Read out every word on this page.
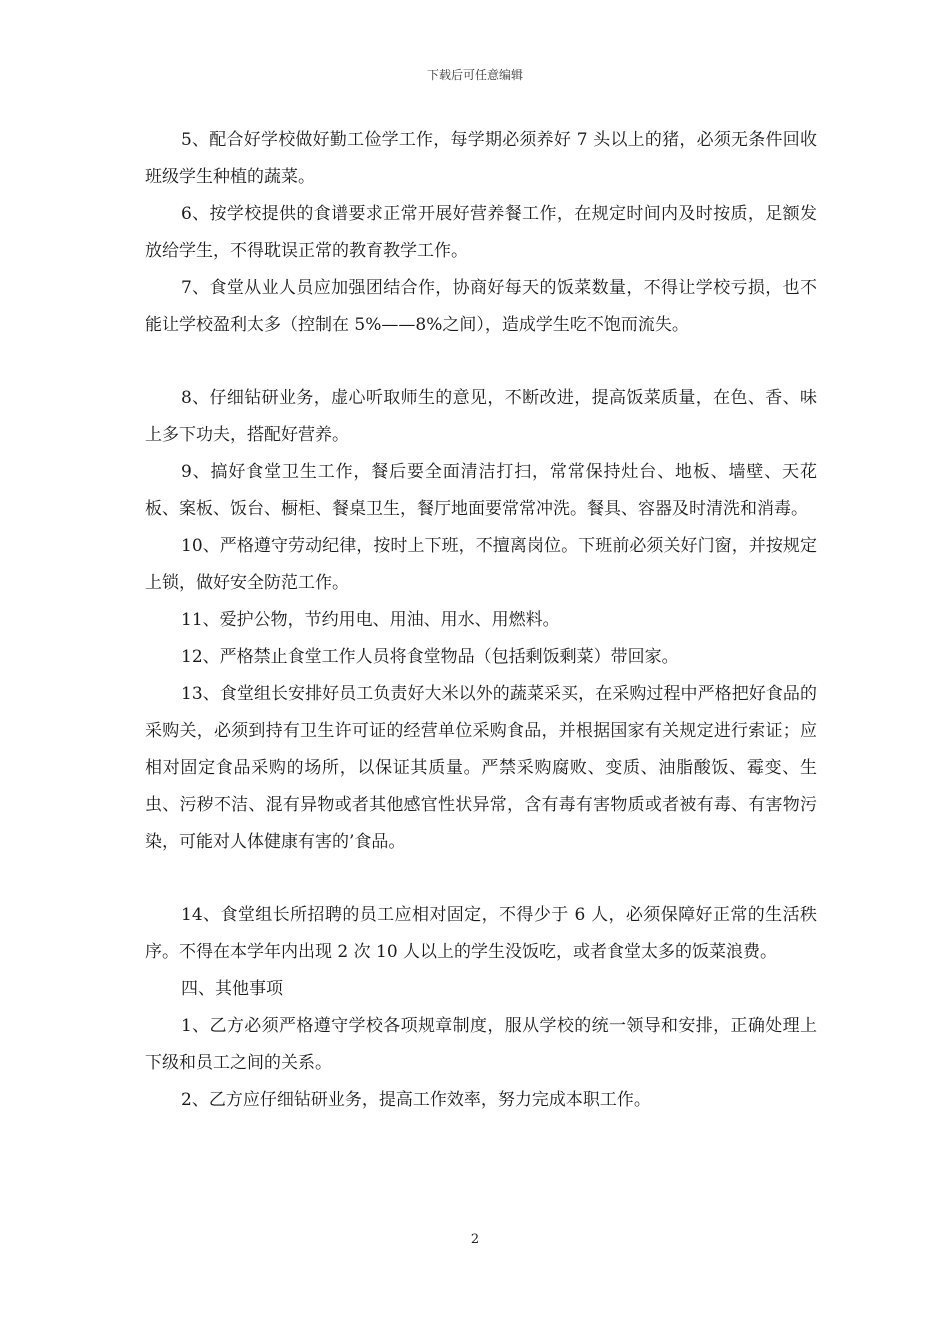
下载后可任意编辑

5、配合好学校做好勤工俭学工作，每学期必须养好 7 头以上的猪，必须无条件回收班级学生种植的蔬菜。

6、按学校提供的食谱要求正常开展好营养餐工作，在规定时间内及时按质，足额发放给学生，不得耽误正常的教育教学工作。

7、食堂从业人员应加强团结合作，协商好每天的饭菜数量，不得让学校亏损，也不能让学校盈利太多（控制在 5%——8%之间），造成学生吃不饱而流失。

8、仔细钻研业务，虚心听取师生的意见，不断改进，提高饭菜质量，在色、香、味上多下功夫，搭配好营养。

9、搞好食堂卫生工作，餐后要全面清洁打扫，常常保持灶台、地板、墙壁、天花板、案板、饭台、橱柜、餐桌卫生，餐厅地面要常常冲洗。餐具、容器及时清洗和消毒。

10、严格遵守劳动纪律，按时上下班，不擅离岗位。下班前必须关好门窗，并按规定上锁，做好安全防范工作。

11、爱护公物，节约用电、用油、用水、用燃料。

12、严格禁止食堂工作人员将食堂物品（包括剩饭剩菜）带回家。

13、食堂组长安排好员工负责好大米以外的蔬菜采买，在采购过程中严格把好食品的采购关，必须到持有卫生许可证的经营单位采购食品，并根据国家有关规定进行索证；应相对固定食品采购的场所，以保证其质量。严禁采购腐败、变质、油脂酸饭、霉变、生虫、污秽不洁、混有异物或者其他感官性状异常，含有毒有害物质或者被有毒、有害物污染，可能对人体健康有害的’食品。

14、食堂组长所招聘的员工应相对固定，不得少于 6 人，必须保障好正常的生活秩序。不得在本学年内出现 2 次 10 人以上的学生没饭吃，或者食堂太多的饭菜浪费。

四、其他事项

1、乙方必须严格遵守学校各项规章制度，服从学校的统一领导和安排，正确处理上下级和员工之间的关系。

2、乙方应仔细钻研业务，提高工作效率，努力完成本职工作。

2
